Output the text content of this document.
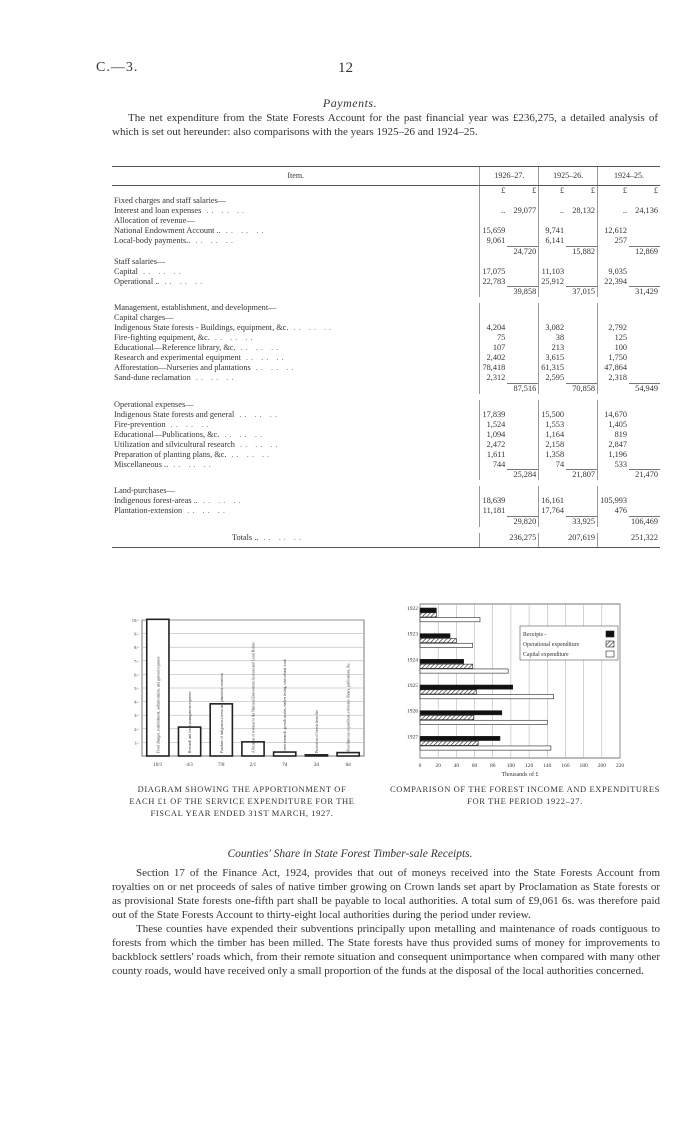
C.—3.	12
Payments.

The net expenditure from the State Forests Account for the past financial year was £236,275, a detailed analysis of which is set out hereunder: also comparisons with the years 1925–26 and 1924–25.

Item.	1926–27.		1925–26.		1924–25.	
	£	£	£	£	£	£
Fixed charges and staff salaries—						
Interest and loan expenses .. .. ..	..	29,077	..	28,132	..	24,136
Allocation of revenue—						
National Endowment Account .. .. .. ..	15,659		9,741		12,612	
Local-body payments.. .. .. ..	9,061		6,141		257	
		24,720		15,882		12,869
Staff salaries—						
Capital .. .. ..	17,075		11,103		9,035	
Operational .. .. .. ..	22,783		25,912		22,394	
		39,858		37,015		31,429

Management, establishment, and development—						
Capital charges—						
Indigenous State forests - Buildings, equipment, &c. .. .. ..	4,204		3,082		2,792	
Fire-fighting equipment, &c. .. .. ..	75		38		125	
Educational—Reference library, &c. .. .. ..	107		213		100	
Research and experimental equipment .. .. ..	2,402		3,615		1,750	
Afforestation—Nurseries and plantations .. .. ..	78,418		61,315		47,864	
Sand-dune reclamation .. .. ..	2,312		2,595		2,318	
		87,516		70,858		54,949

Operational expenses—						
Indigenous State forests and general .. .. ..	17,839		15,500		14,670	
Fire-prevention .. .. ..	1,524		1,553		1,405	
Educational—Publications, &c. .. .. ..	1,094		1,164		819	
Utilization and silvicultural research .. .. ..	2,472		2,158		2,847	
Preparation of planting plans, &c. .. .. ..	1,611		1,358		1,196	
Miscellaneous .. .. .. ..	744		74		533	
		25,284		21,807		21,470

Land-purchases—						
Indigenous forest-areas .. .. .. ..	18,639		16,161		105,993	
Plantation-extension .. .. ..	11,181		17,764		476	
		29,820		33,925		106,469

Totals .. .. .. ..		236,275		207,619		251,322
1/-
2/-
3/-
4/-
5/-
6/-
7/-
8/-
9/-
10/-
Fixed charges, establishment, administration, and general expenses
10/1
Research and forest management expenses
4/3
Purchase of indigenous forests and plantation extension
7/8
Allocation of revenue to the National Endowment Account and Local Bodies
2/1
Forest research, growth studies, timber testing, silvicultural work
7d
Protection of forests from fire
2d
Miscellaneous expenditure, reference library, publications, &c.
6d
DIAGRAM SHOWING THE APPORTIONMENT OF EACH £1 OF THE SERVICE EXPENDITURE FOR THE FISCAL YEAR ENDED 31ST MARCH, 1927.
0	20 40 60 80 100 120 140 160 180 200 220
Thousands of £
1922
1923
1924
1925
1926
1927
Receipts -
Operational expenditure
Capital expenditure
COMPARISON OF THE FOREST INCOME AND EXPENDITURES FOR THE PERIOD 1922–27.
Counties' Share in State Forest Timber-sale Receipts.

Section 17 of the Finance Act, 1924, provides that out of moneys received into the State Forests Account from royalties on or net proceeds of sales of native timber growing on Crown lands set apart by Proclamation as State forests or as provisional State forests one-fifth part shall be payable to local authorities. A total sum of £9,061 6s. was therefore paid out of the State Forests Account to thirty-eight local authorities during the period under review.

These counties have expended their subventions principally upon metalling and maintenance of roads contiguous to forests from which the timber has been milled. The State forests have thus provided sums of money for improvements to backblock settlers' roads which, from their remote situation and consequent unimportance when compared with many other county roads, would have received only a small proportion of the funds at the disposal of the local authorities concerned.
